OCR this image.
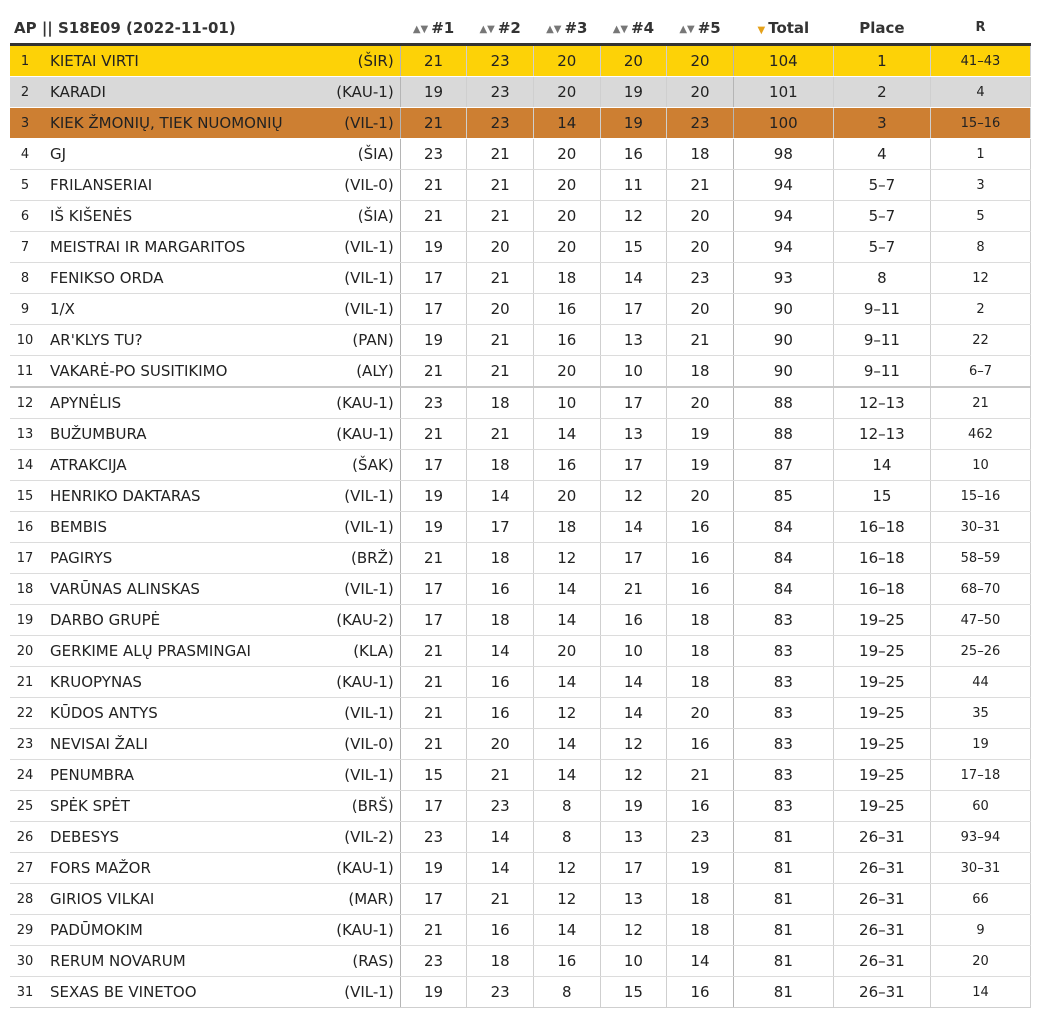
AP || S18E09 (2022-11-01)		▲▼ #1	▲▼ #2	▲▼ #3	▲▼ #4	▲▼ #5	▼ Total	Place	R
1	KIETAI VIRTI (ŠIR)	21	23	20	20	20	104	1	41–43
2	KARADI (KAU-1)	19	23	20	19	20	101	2	4
3	KIEK ŽMONIŲ, TIEK NUOMONIŲ (VIL-1)	21	23	14	19	23	100	3	15–16
4	GJ (ŠIA)	23	21	20	16	18	98	4	1
5	FRILANSERIAI (VIL-0)	21	21	20	11	21	94	5–7	3
6	IŠ KIŠENĖS (ŠIA)	21	21	20	12	20	94	5–7	5
7	MEISTRAI IR MARGARITOS (VIL-1)	19	20	20	15	20	94	5–7	8
8	FENIKSO ORDA (VIL-1)	17	21	18	14	23	93	8	12
9	1/X (VIL-1)	17	20	16	17	20	90	9–11	2
10	AR'KLYS TU? (PAN)	19	21	16	13	21	90	9–11	22
11	VAKARĖ-PO SUSITIKIMO (ALY)	21	21	20	10	18	90	9–11	6–7
12	APYNĖLIS (KAU-1)	23	18	10	17	20	88	12–13	21
13	BUŽUMBURA (KAU-1)	21	21	14	13	19	88	12–13	462
14	ATRAKCIJA (ŠAK)	17	18	16	17	19	87	14	10
15	HENRIKO DAKTARAS (VIL-1)	19	14	20	12	20	85	15	15–16
16	BEMBIS (VIL-1)	19	17	18	14	16	84	16–18	30–31
17	PAGIRYS (BRŽ)	21	18	12	17	16	84	16–18	58–59
18	VARŪNAS ALINSKAS (VIL-1)	17	16	14	21	16	84	16–18	68–70
19	DARBO GRUPĖ (KAU-2)	17	18	14	16	18	83	19–25	47–50
20	GERKIME ALŲ PRASMINGAI (KLA)	21	14	20	10	18	83	19–25	25–26
21	KRUOPYNAS (KAU-1)	21	16	14	14	18	83	19–25	44
22	KŪDOS ANTYS (VIL-1)	21	16	12	14	20	83	19–25	35
23	NEVISAI ŽALI (VIL-0)	21	20	14	12	16	83	19–25	19
24	PENUMBRA (VIL-1)	15	21	14	12	21	83	19–25	17–18
25	SPĖK SPĖT (BRŠ)	17	23	8	19	16	83	19–25	60
26	DEBESYS (VIL-2)	23	14	8	13	23	81	26–31	93–94
27	FORS MAŽOR (KAU-1)	19	14	12	17	19	81	26–31	30–31
28	GIRIOS VILKAI (MAR)	17	21	12	13	18	81	26–31	66
29	PADŪMOKIM (KAU-1)	21	16	14	12	18	81	26–31	9
30	RERUM NOVARUM (RAS)	23	18	16	10	14	81	26–31	20
31	SEXAS BE VINETOO (VIL-1)	19	23	8	15	16	81	26–31	14
